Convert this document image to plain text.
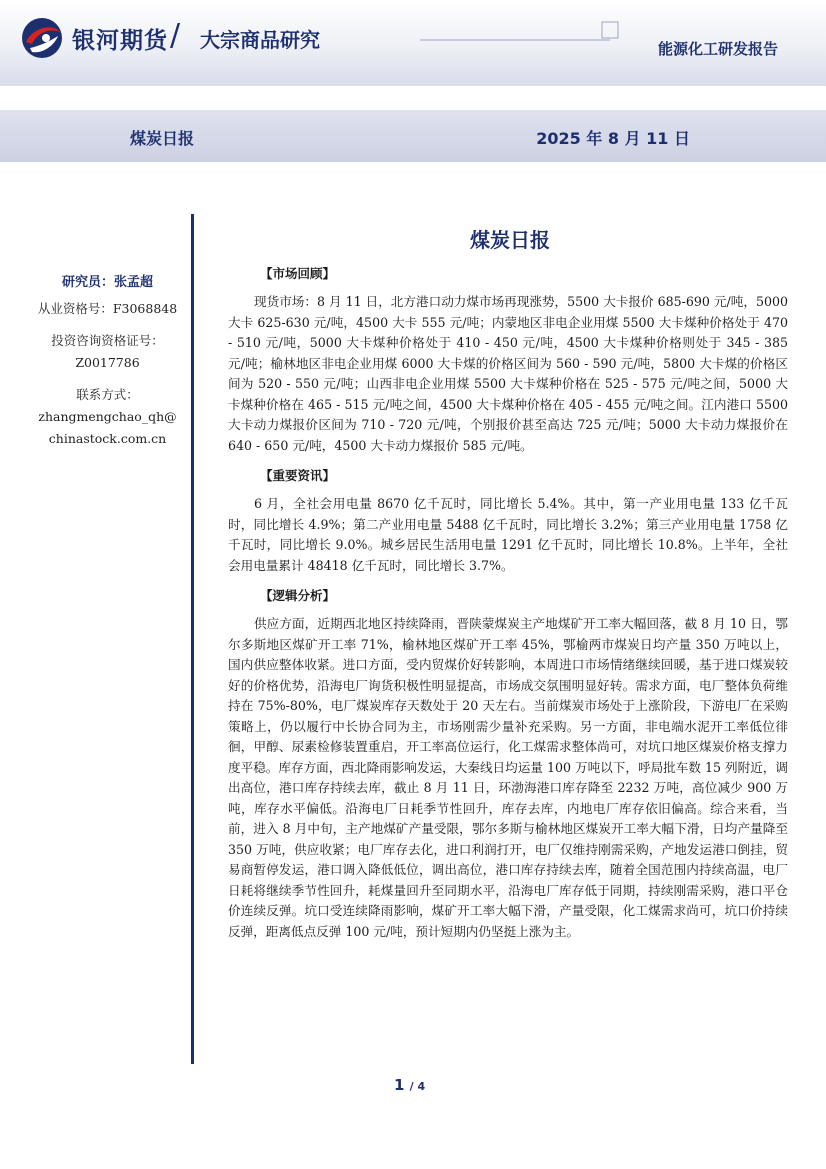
银河期货 / 大宗商品研究	能源化工研发报告
煤炭日报	2025 年 8 月 11 日
研究员：张孟超
从业资格号：F3068848
投资咨询资格证号：
Z0017786
联系方式：
zhangmengchao_qh@
chinastock.com.cn
煤炭日报
【市场回顾】

现货市场：8 月 11 日，北方港口动力煤市场再现涨势，5500 大卡报价 685-690 元/吨，5000 大卡 625-630 元/吨，4500 大卡 555 元/吨；内蒙地区非电企业用煤 5500 大卡煤种价格处于 470 - 510 元/吨，5000 大卡煤种价格处于 410 - 450 元/吨，4500 大卡煤种价格则处于 345 - 385 元/吨；榆林地区非电企业用煤 6000 大卡煤的价格区间为 560 - 590 元/吨，5800 大卡煤的价格区间为 520 - 550 元/吨；山西非电企业用煤 5500 大卡煤种价格在 525 - 575 元/吨之间，5000 大卡煤种价格在 465 - 515 元/吨之间，4500 大卡煤种价格在 405 - 455 元/吨之间。江内港口 5500 大卡动力煤报价区间为 710 - 720 元/吨，个别报价甚至高达 725 元/吨；5000 大卡动力煤报价在 640 - 650 元/吨，4500 大卡动力煤报价 585 元/吨。

【重要资讯】

6 月，全社会用电量 8670 亿千瓦时，同比增长 5.4%。其中，第一产业用电量 133 亿千瓦时，同比增长 4.9%；第二产业用电量 5488 亿千瓦时，同比增长 3.2%；第三产业用电量 1758 亿千瓦时，同比增长 9.0%。城乡居民生活用电量 1291 亿千瓦时，同比增长 10.8%。上半年，全社会用电量累计 48418 亿千瓦时，同比增长 3.7%。

【逻辑分析】

供应方面，近期西北地区持续降雨，晋陕蒙煤炭主产地煤矿开工率大幅回落，截 8 月 10 日，鄂尔多斯地区煤矿开工率 71%，榆林地区煤矿开工率 45%，鄂榆两市煤炭日均产量 350 万吨以上，国内供应整体收紧。进口方面，受内贸煤价好转影响，本周进口市场情绪继续回暖，基于进口煤炭较好的价格优势，沿海电厂询货积极性明显提高，市场成交氛围明显好转。需求方面，电厂整体负荷维持在 75%-80%，电厂煤炭库存天数处于 20 天左右。当前煤炭市场处于上涨阶段，下游电厂在采购策略上，仍以履行中长协合同为主，市场刚需少量补充采购。另一方面，非电端水泥开工率低位徘徊，甲醇、尿素检修装置重启，开工率高位运行，化工煤需求整体尚可，对坑口地区煤炭价格支撑力度平稳。库存方面，西北降雨影响发运，大秦线日均运量 100 万吨以下，呼局批车数 15 列附近，调出高位，港口库存持续去库，截止 8 月 11 日，环渤海港口库存降至 2232 万吨，高位减少 900 万吨，库存水平偏低。沿海电厂日耗季节性回升，库存去库，内地电厂库存依旧偏高。综合来看，当前，进入 8 月中旬，主产地煤矿产量受限，鄂尔多斯与榆林地区煤炭开工率大幅下滑，日均产量降至 350 万吨，供应收紧；电厂库存去化，进口利润打开，电厂仅维持刚需采购，产地发运港口倒挂，贸易商暂停发运，港口调入降低低位，调出高位，港口库存持续去库，随着全国范围内持续高温，电厂日耗将继续季节性回升，耗煤量回升至同期水平，沿海电厂库存低于同期，持续刚需采购，港口平仓价连续反弹。坑口受连续降雨影响，煤矿开工率大幅下滑，产量受限，化工煤需求尚可，坑口价持续反弹，距离低点反弹 100 元/吨，预计短期内仍坚挺上涨为主。

1 / 4
